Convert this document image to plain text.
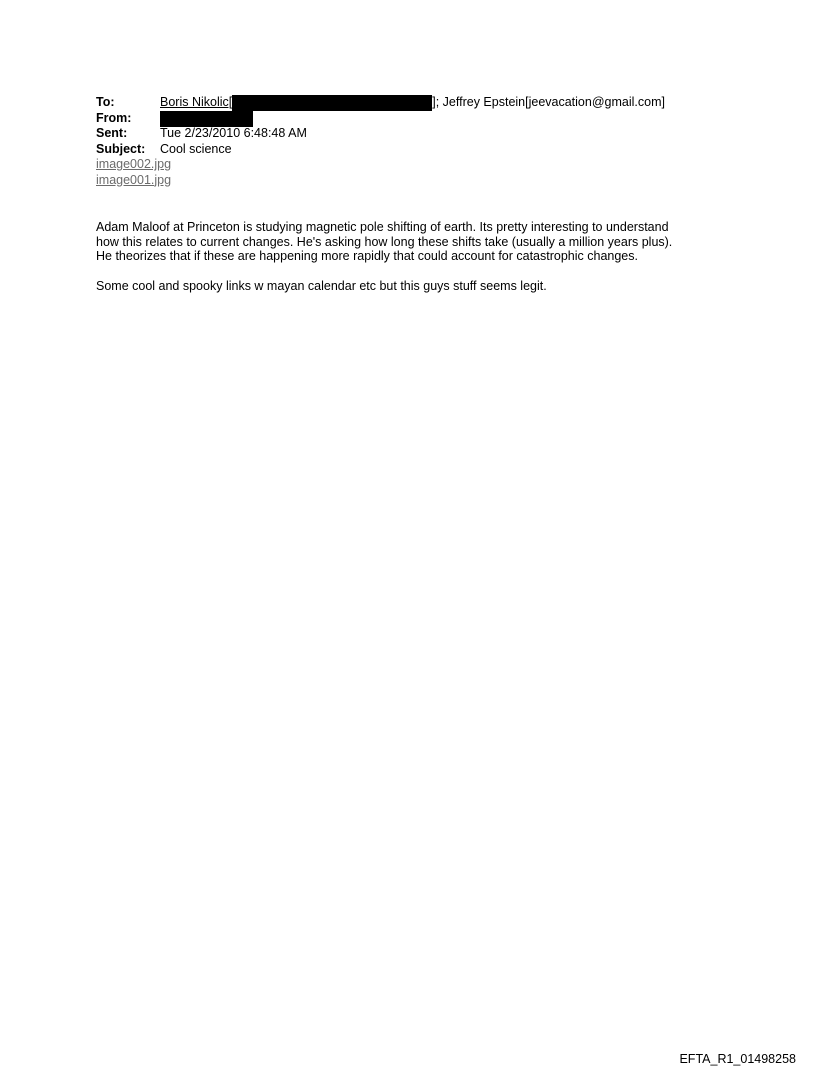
To:	Boris Nikolic[	]; Jeffrey Epstein[jeevacation@gmail.com]
From:
Sent:	Tue 2/23/2010 6:48:48 AM
Subject:	Cool science
image002.jpg
image001.jpg

Adam Maloof at Princeton is studying magnetic pole shifting of earth. Its pretty interesting to understand
how this relates to current changes. He's asking how long these shifts take (usually a million years plus).
He theorizes that if these are happening more rapidly that could account for catastrophic changes.

Some cool and spooky links w mayan calendar etc but this guys stuff seems legit.

EFTA_R1_01498258
